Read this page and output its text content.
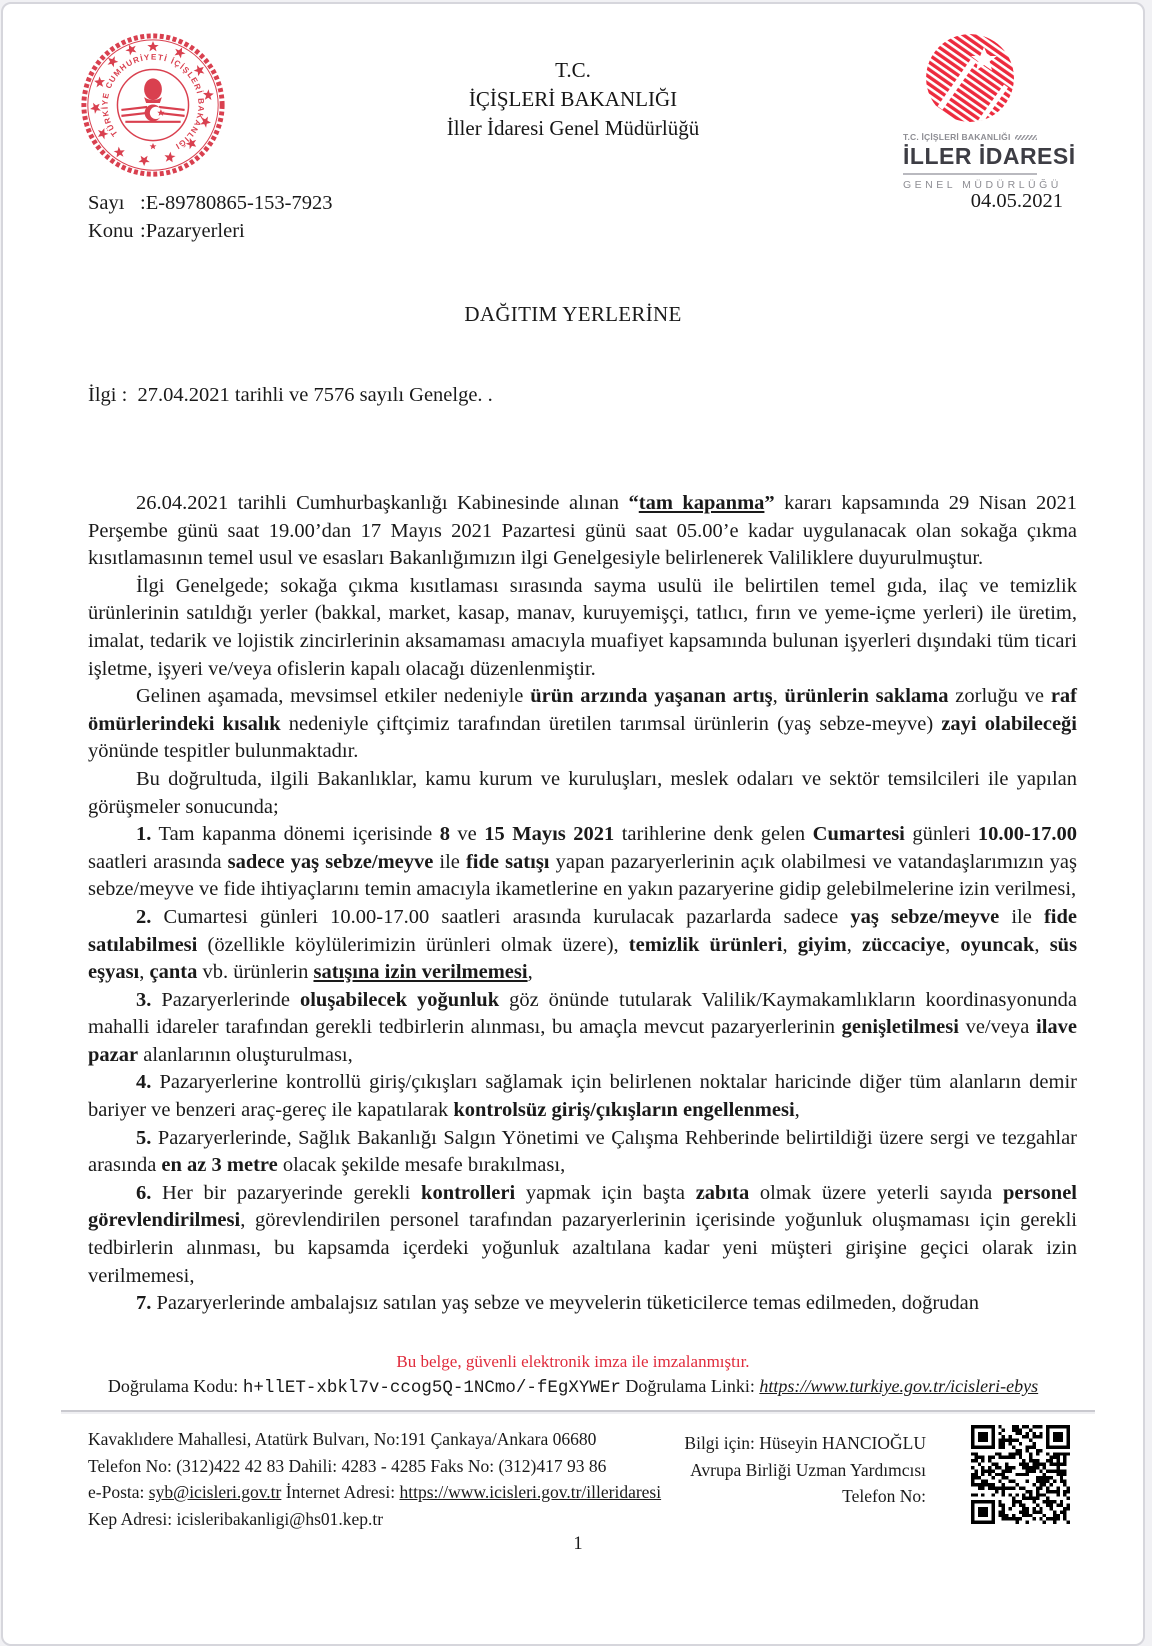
TÜRKİYE CUMHURİYETİ İÇİŞLERİ BAKANLIĞI
T.C.
İÇİŞLERİ BAKANLIĞI
İller İdaresi Genel Müdürlüğü	T.C. İÇİŞLERİ BAKANLIĞI
İLLER İDARESİ
GENEL MÜDÜRLÜĞÜ
Sayı :E-89780865-153-7923
Konu :Pazaryerleri
04.05.2021
DAĞITIM YERLERİNE
İlgi :  27.04.2021 tarihli ve 7576 sayılı Genelge. .

26.04.2021 tarihli Cumhurbaşkanlığı Kabinesinde alınan “tam kapanma” kararı kapsamında 29 Nisan 2021 Perşembe günü saat 19.00’dan 17 Mayıs 2021 Pazartesi günü saat 05.00’e kadar uygulanacak olan sokağa çıkma kısıtlamasının temel usul ve esasları Bakanlığımızın ilgi Genelgesiyle belirlenerek Valiliklere duyurulmuştur.

İlgi Genelgede; sokağa çıkma kısıtlaması sırasında sayma usulü ile belirtilen temel gıda, ilaç ve temizlik ürünlerinin satıldığı yerler (bakkal, market, kasap, manav, kuruyemişçi, tatlıcı, fırın ve yeme-içme yerleri) ile üretim, imalat, tedarik ve lojistik zincirlerinin aksamaması amacıyla muafiyet kapsamında bulunan işyerleri dışındaki tüm ticari işletme, işyeri ve/veya ofislerin kapalı olacağı düzenlenmiştir.

Gelinen aşamada, mevsimsel etkiler nedeniyle ürün arzında yaşanan artış, ürünlerin saklama zorluğu ve raf ömürlerindeki kısalık nedeniyle çiftçimiz tarafından üretilen tarımsal ürünlerin (yaş sebze-meyve) zayi olabileceği yönünde tespitler bulunmaktadır.

Bu doğrultuda, ilgili Bakanlıklar, kamu kurum ve kuruluşları, meslek odaları ve sektör temsilcileri ile yapılan görüşmeler sonucunda;

1. Tam kapanma dönemi içerisinde 8 ve 15 Mayıs 2021 tarihlerine denk gelen Cumartesi günleri 10.00-17.00 saatleri arasında sadece yaş sebze/meyve ile fide satışı yapan pazaryerlerinin açık olabilmesi ve vatandaşlarımızın yaş sebze/meyve ve fide ihtiyaçlarını temin amacıyla ikametlerine en yakın pazaryerine gidip gelebilmelerine izin verilmesi,

2. Cumartesi günleri 10.00-17.00 saatleri arasında kurulacak pazarlarda sadece yaş sebze/meyve ile fide satılabilmesi (özellikle köylülerimizin ürünleri olmak üzere), temizlik ürünleri, giyim, züccaciye, oyuncak, süs eşyası, çanta vb. ürünlerin satışına izin verilmemesi,

3. Pazaryerlerinde oluşabilecek yoğunluk göz önünde tutularak Valilik/Kaymakamlıkların koordinasyonunda mahalli idareler tarafından gerekli tedbirlerin alınması, bu amaçla mevcut pazaryerlerinin genişletilmesi ve/veya ilave pazar alanlarının oluşturulması,

4. Pazaryerlerine kontrollü giriş/çıkışları sağlamak için belirlenen noktalar haricinde diğer tüm alanların demir bariyer ve benzeri araç-gereç ile kapatılarak kontrolsüz giriş/çıkışların engellenmesi,

5. Pazaryerlerinde, Sağlık Bakanlığı Salgın Yönetimi ve Çalışma Rehberinde belirtildiği üzere sergi ve tezgahlar arasında en az 3 metre olacak şekilde mesafe bırakılması,

6. Her bir pazaryerinde gerekli kontrolleri yapmak için başta zabıta olmak üzere yeterli sayıda personel görevlendirilmesi, görevlendirilen personel tarafından pazaryerlerinin içerisinde yoğunluk oluşmaması için gerekli tedbirlerin alınması, bu kapsamda içerdeki yoğunluk azaltılana kadar yeni müşteri girişine geçici olarak izin verilmemesi,

7. Pazaryerlerinde ambalajsız satılan yaş sebze ve meyvelerin tüketicilerce temas edilmeden, doğrudan

Bu belge, güvenli elektronik imza ile imzalanmıştır.
Doğrulama Kodu: h+llET-xbkl7v-ccog5Q-1NCmo/-fEgXYWEr Doğrulama Linki: https://www.turkiye.gov.tr/icisleri-ebys
Kavaklıdere Mahallesi, Atatürk Bulvarı, No:191 Çankaya/Ankara 06680
Telefon No: (312)422 42 83 Dahili: 4283 - 4285 Faks No: (312)417 93 86
e-Posta: syb@icisleri.gov.tr İnternet Adresi: https://www.icisleri.gov.tr/illeridaresi
Kep Adresi: icisleribakanligi@hs01.kep.tr
Bilgi için: Hüseyin HANCIOĞLU
Avrupa Birliği Uzman Yardımcısı
Telefon No:
1
